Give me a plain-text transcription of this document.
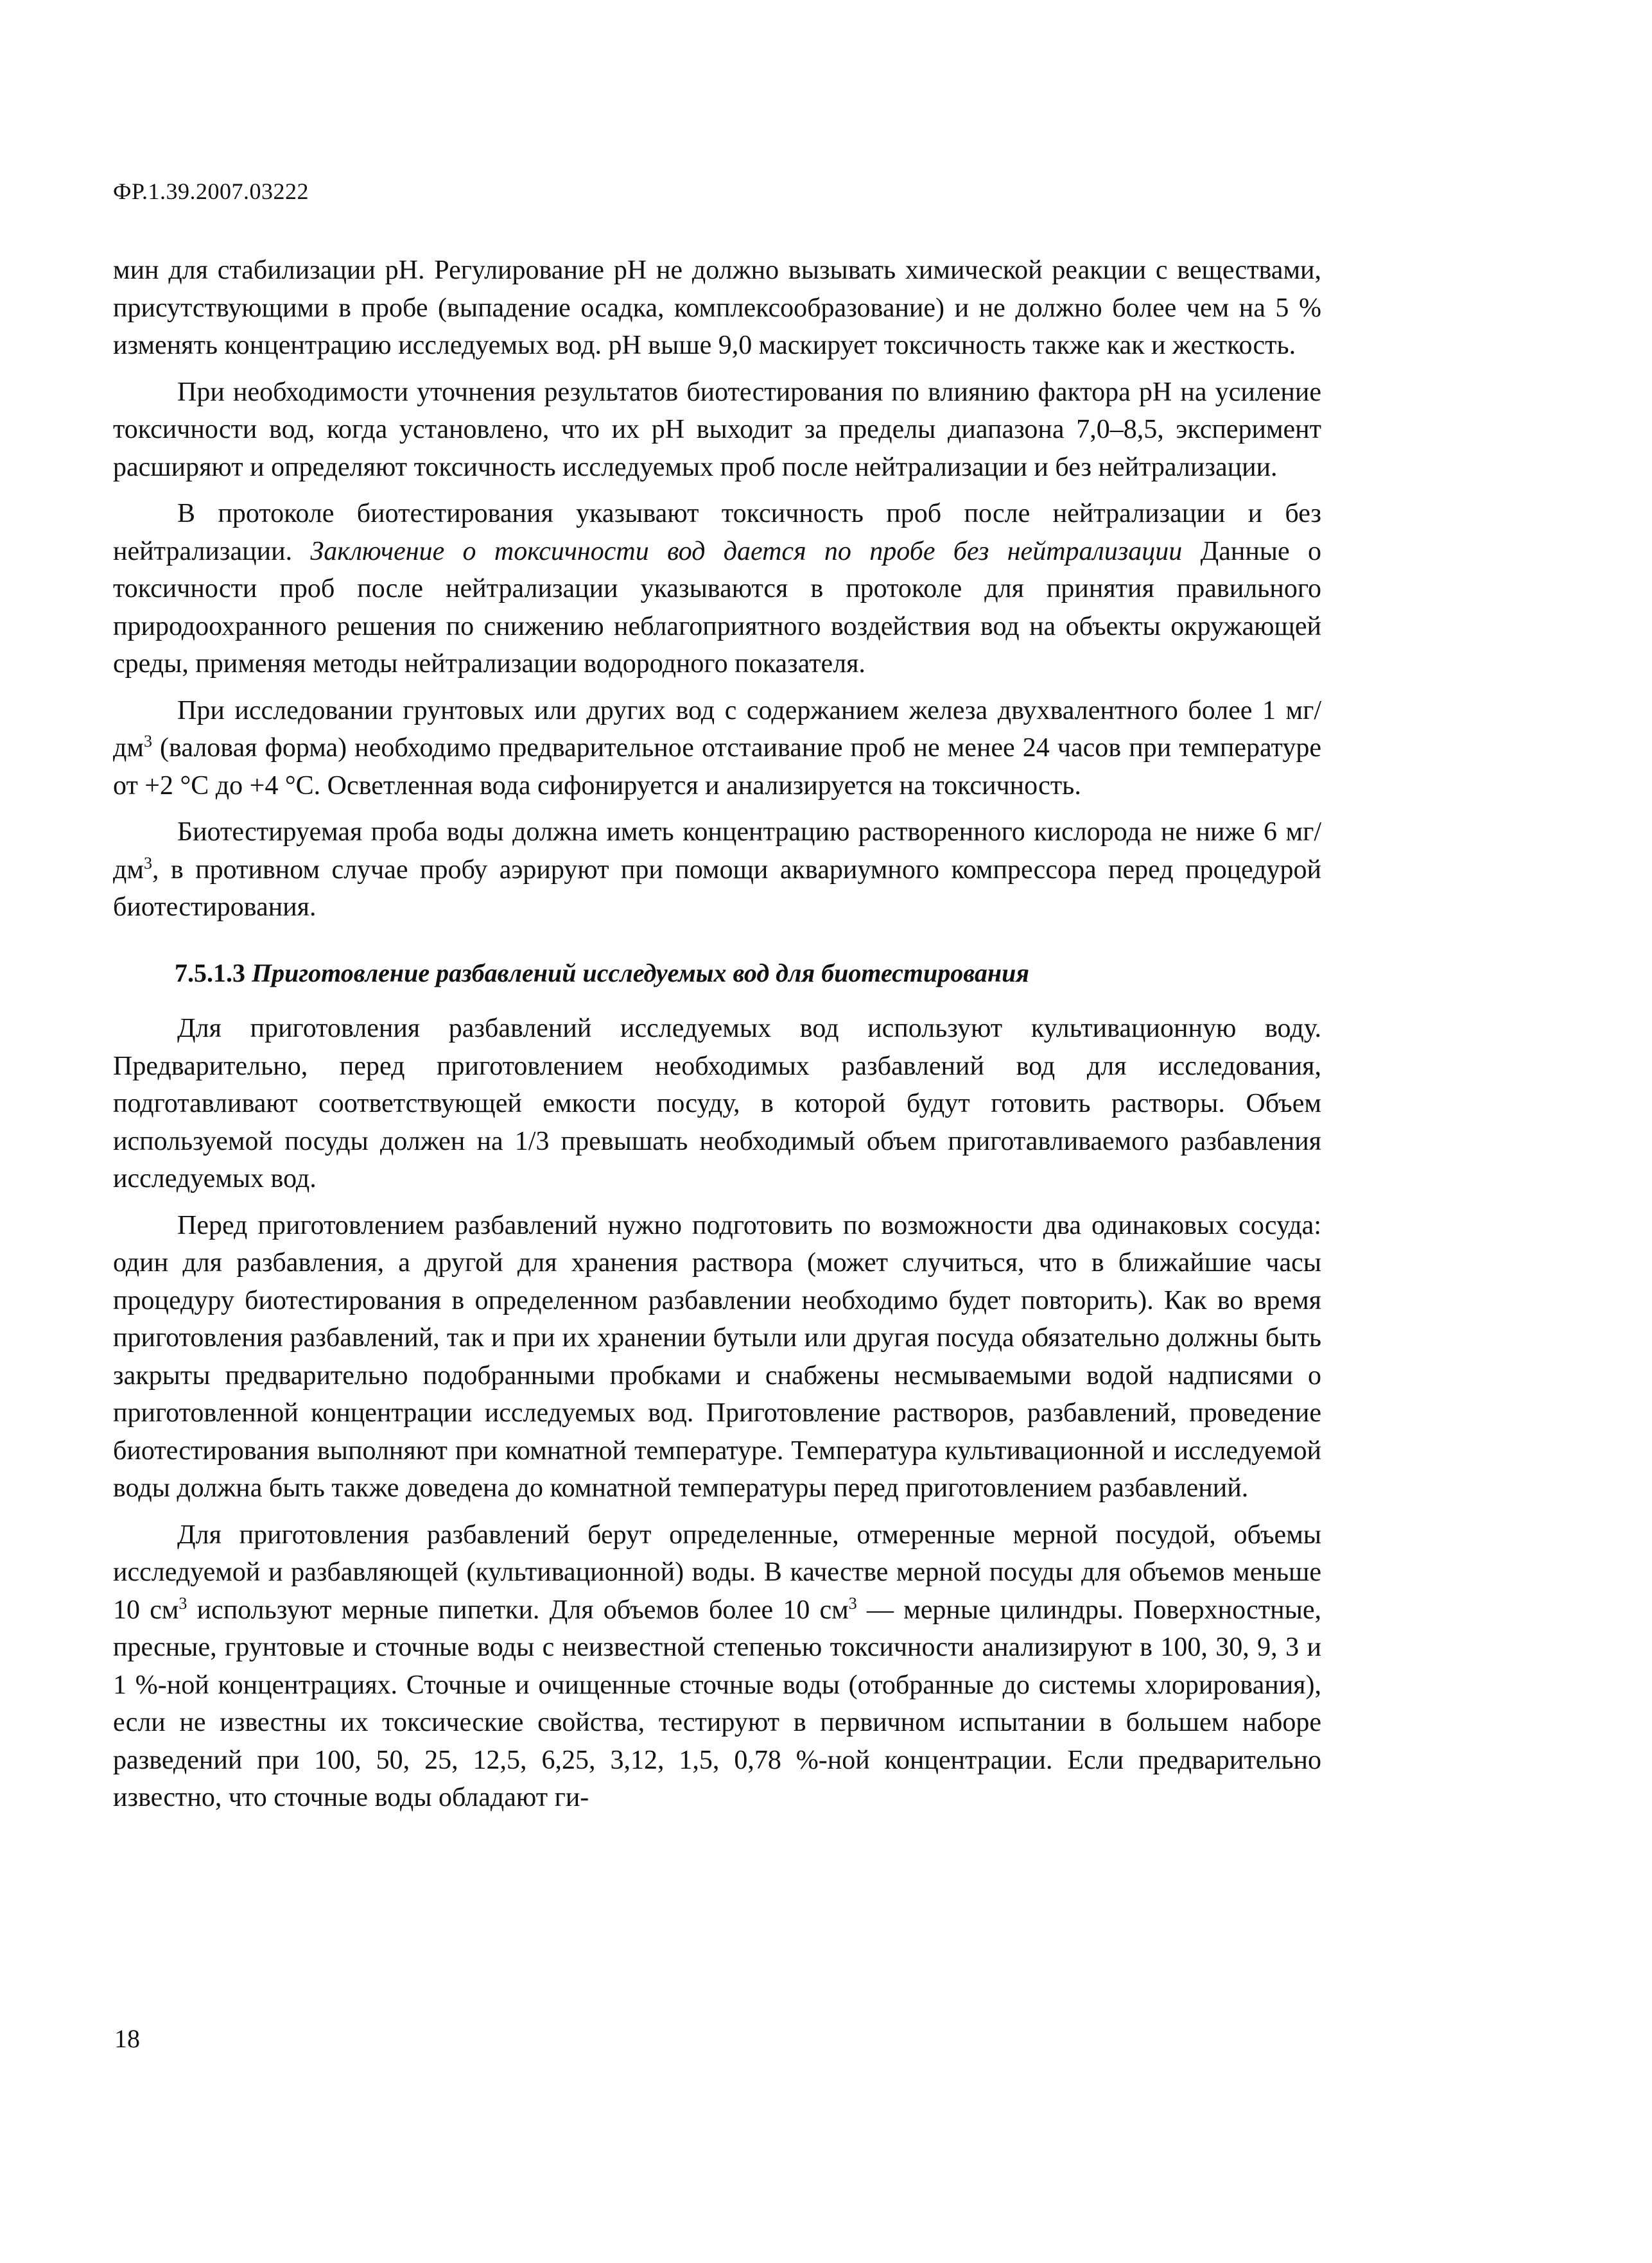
ФР.1.39.2007.03222

мин для стабилизации рН. Регулирование рН не должно вызывать химической реакции с веществами, присутствующими в пробе (выпадение осадка, комплексообразование) и не должно более чем на 5 % изменять концентрацию исследуемых вод. рН выше 9,0 маскирует токсичность также как и жесткость.

При необходимости уточнения результатов биотестирования по влиянию фактора рН на усиление токсичности вод, когда установлено, что их рН выходит за пределы диапазона 7,0–8,5, эксперимент расширяют и определяют токсичность исследуемых проб после нейтрализации и без нейтрализации.

В протоколе биотестирования указывают токсичность проб после нейтрализации и без нейтрализации. Заключение о токсичности вод дается по пробе без нейтрализации Данные о токсичности проб после нейтрализации указываются в протоколе для принятия правильного природоохранного решения по снижению неблагоприятного воздействия вод на объекты окружающей среды, применяя методы нейтрализации водородного показателя.

При исследовании грунтовых или других вод с содержанием железа двухвалентного более 1 $мг/дм^3$ (валовая форма) необходимо предварительное отстаивание проб не менее 24 часов при температуре от +2 °С до +4 °С. Осветленная вода сифонируется и анализируется на токсичность.

Биотестируемая проба воды должна иметь концентрацию растворенного кислорода не ниже 6 $мг/дм^3$, в противном случае пробу аэрируют при помощи аквариумного компрессора перед процедурой биотестирования.

7.5.1.3 Приготовление разбавлений исследуемых вод для биотестирования

Для приготовления разбавлений исследуемых вод используют культивационную воду. Предварительно, перед приготовлением необходимых разбавлений вод для исследования, подготавливают соответствующей емкости посуду, в которой будут готовить растворы. Объем используемой посуды должен на 1/3 превышать необходимый объем приготавливаемого разбавления исследуемых вод.

Перед приготовлением разбавлений нужно подготовить по возможности два одинаковых сосуда: один для разбавления, а другой для хранения раствора (может случиться, что в ближайшие часы процедуру биотестирования в определенном разбавлении необходимо будет повторить). Как во время приготовления разбавлений, так и при их хранении бутыли или другая посуда обязательно должны быть закрыты предварительно подобранными пробками и снабжены несмываемыми водой надписями о приготовленной концентрации исследуемых вод. Приготовление растворов, разбавлений, проведение биотестирования выполняют при комнатной температуре. Температура культивационной и исследуемой воды должна быть также доведена до комнатной температуры перед приготовлением разбавлений.

Для приготовления разбавлений берут определенные, отмеренные мерной посудой, объемы исследуемой и разбавляющей (культивационной) воды. В качестве мерной посуды для объемов меньше 10 $см^3$ используют мерные пипетки. Для объемов более 10 $см^3$ — мерные цилиндры. Поверхностные, пресные, грунтовые и сточные воды с неизвестной степенью токсичности анализируют в 100, 30, 9, 3 и 1 %-ной концентрациях. Сточные и очищенные сточные воды (отобранные до системы хлорирования), если не известны их токсические свойства, тестируют в первичном испытании в большем наборе разведений при 100, 50, 25, 12,5, 6,25, 3,12, 1,5, 0,78 %-ной концентрации. Если предварительно известно, что сточные воды обладают ги-

18
